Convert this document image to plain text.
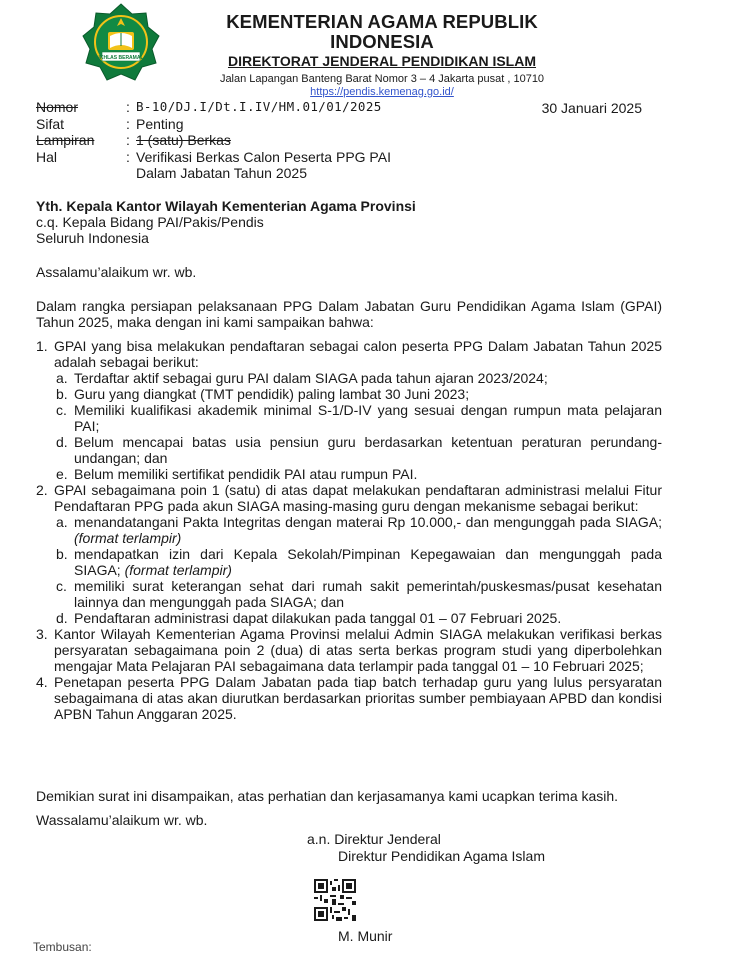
IKHLAS BERAMAL
KEMENTERIAN AGAMA REPUBLIK INDONESIA
DIREKTORAT JENDERAL PENDIDIKAN ISLAM
Jalan Lapangan Banteng Barat Nomor 3 – 4 Jakarta pusat , 10710
https://pendis.kemenag.go.id/
Nomor	: B-10/DJ.I/Dt.I.IV/HM.01/01/2025
Sifat	: Penting
Lampiran	: 1 (satu) Berkas
Hal	: Verifikasi Berkas Calon Peserta PPG PAI
Dalam Jabatan Tahun 2025
30 Januari 2025
Yth. Kepala Kantor Wilayah Kementerian Agama Provinsi
c.q. Kepala Bidang PAI/Pakis/Pendis
Seluruh Indonesia
Assalamu’alaikum wr. wb.
Dalam rangka persiapan pelaksanaan PPG Dalam Jabatan Guru Pendidikan Agama Islam (GPAI) Tahun 2025, maka dengan ini kami sampaikan bahwa:
1. GPAI yang bisa melakukan pendaftaran sebagai calon peserta PPG Dalam Jabatan Tahun 2025 adalah sebagai berikut:
a. Terdaftar aktif sebagai guru PAI dalam SIAGA pada tahun ajaran 2023/2024;
b. Guru yang diangkat (TMT pendidik) paling lambat 30 Juni 2023;
c. Memiliki kualifikasi akademik minimal S-1/D-IV yang sesuai dengan rumpun mata pelajaran PAI;
d. Belum mencapai batas usia pensiun guru berdasarkan ketentuan peraturan perundang-undangan; dan
e. Belum memiliki sertifikat pendidik PAI atau rumpun PAI.
2. GPAI sebagaimana poin 1 (satu) di atas dapat melakukan pendaftaran administrasi melalui Fitur Pendaftaran PPG pada akun SIAGA masing-masing guru dengan mekanisme sebagai berikut:
a. menandatangani Pakta Integritas dengan materai Rp 10.000,- dan mengunggah pada SIAGA; (format terlampir)
b. mendapatkan izin dari Kepala Sekolah/Pimpinan Kepegawaian dan mengunggah pada SIAGA; (format terlampir)
c. memiliki surat keterangan sehat dari rumah sakit pemerintah/puskesmas/pusat kesehatan lainnya dan mengunggah pada SIAGA; dan
d. Pendaftaran administrasi dapat dilakukan pada tanggal 01 – 07 Februari 2025.
3. Kantor Wilayah Kementerian Agama Provinsi melalui Admin SIAGA melakukan verifikasi berkas persyaratan sebagaimana poin 2 (dua) di atas serta berkas program studi yang diperbolehkan mengajar Mata Pelajaran PAI sebagaimana data terlampir pada tanggal 01 – 10 Februari 2025;
4. Penetapan peserta PPG Dalam Jabatan pada tiap batch terhadap guru yang lulus persyaratan sebagaimana di atas akan diurutkan berdasarkan prioritas sumber pembiayaan APBD dan kondisi APBN Tahun Anggaran 2025.
Demikian surat ini disampaikan, atas perhatian dan kerjasamanya kami ucapkan terima kasih.
Wassalamu’alaikum wr. wb.
a.n. Direktur Jenderal
Direktur Pendidikan Agama Islam
M. Munir
Tembusan:
